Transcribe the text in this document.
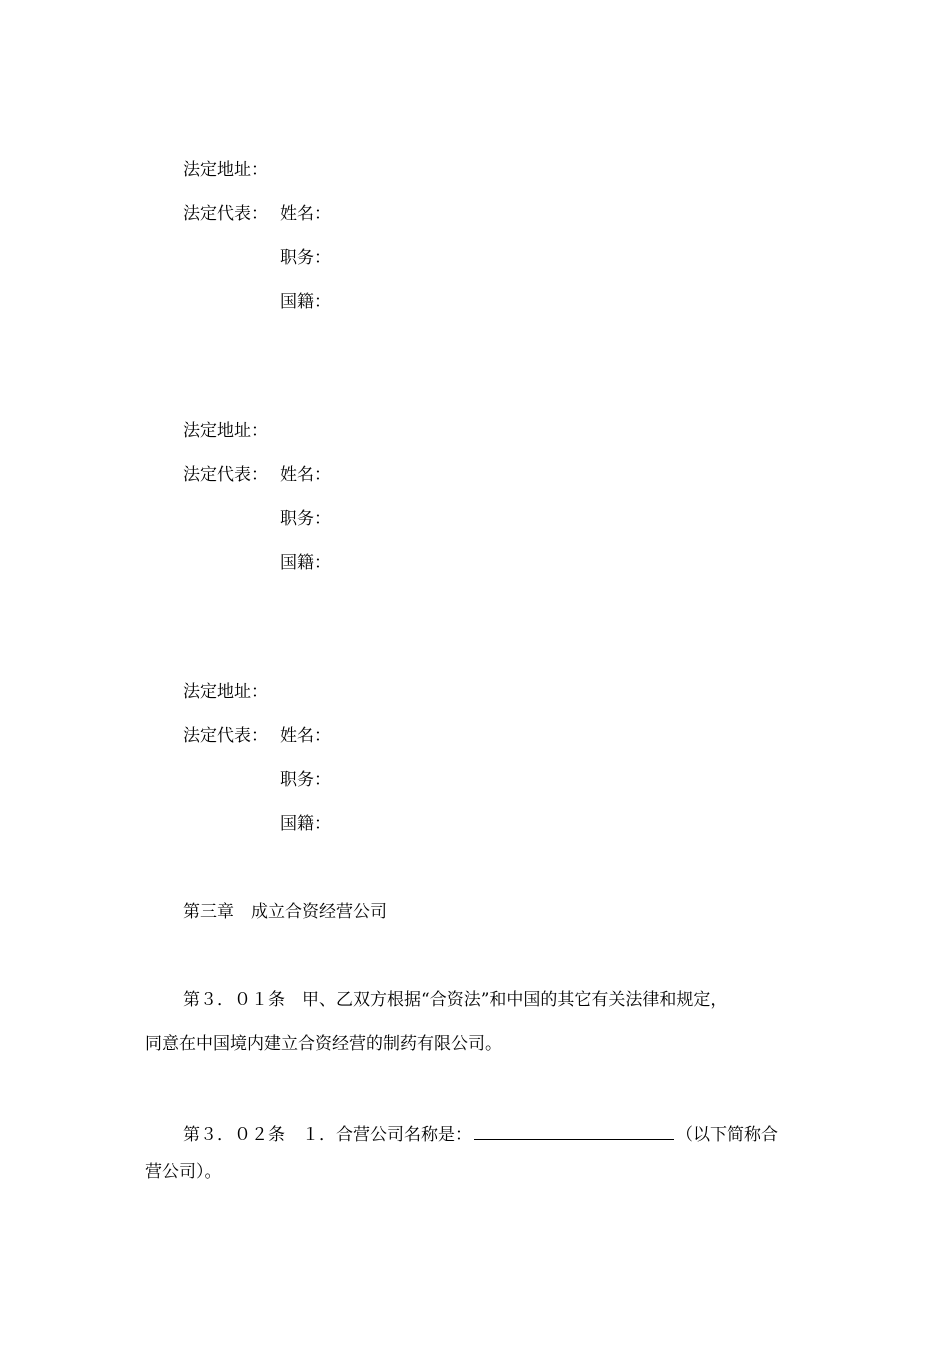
法定地址：
法定代表： 姓名：
职务：
国籍：
法定地址：
法定代表： 姓名：
职务：
国籍：
法定地址：
法定代表： 姓名：
职务：
国籍：
第三章 成立合资经营公司
第３．０１条 甲、乙双方根据“合资法”和中国的其它有关法律和规定，
同意在中国境内建立合资经营的制药有限公司。
第３．０２条 １．合营公司名称是：	（以下简称合
营公司）。
